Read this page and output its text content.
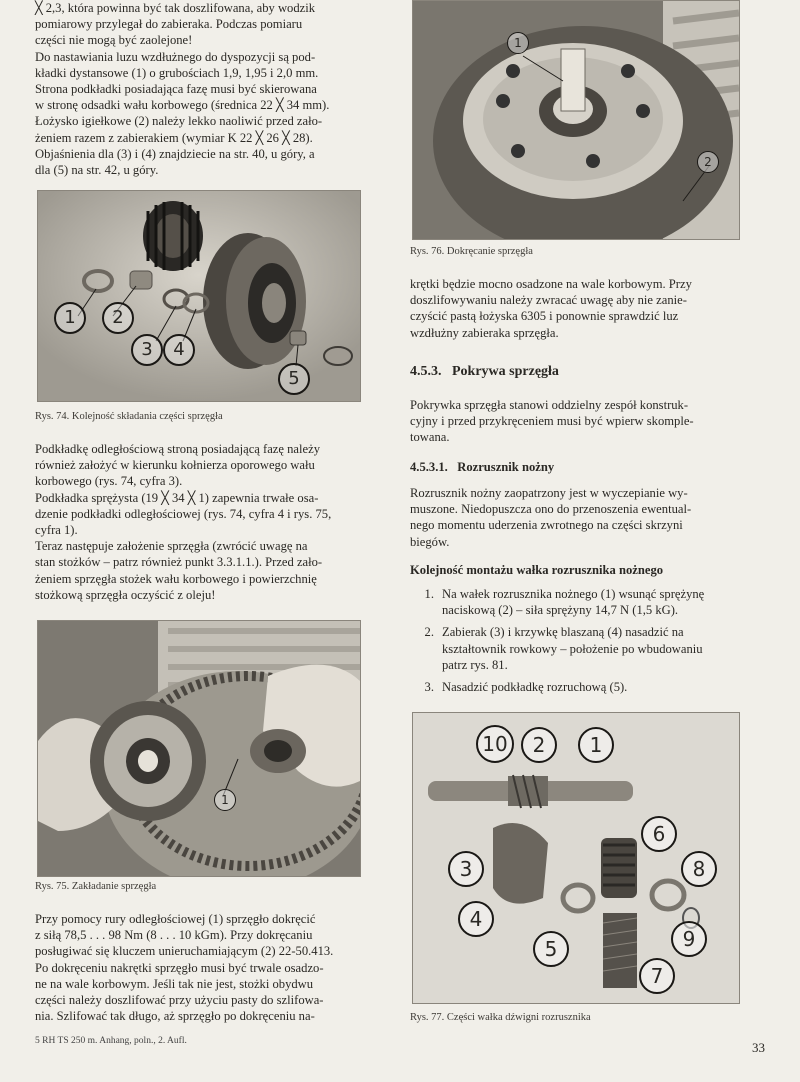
╳ 2,3, która powinna być tak doszlifowana, aby wodzik
pomiarowy przylegał do zabieraka. Podczas pomiaru
części nie mogą być zaolejone!
Do nastawiania luzu wzdłużnego do dyspozycji są pod-
kładki dystansowe (1) o grubościach 1,9, 1,95 i 2,0 mm.
Strona podkładki posiadająca fazę musi być skierowana
w stronę odsadki wału korbowego (średnica 22 ╳ 34 mm).
Łożysko igiełkowe (2) należy lekko naoliwić przed zało-
żeniem razem z zabierakiem (wymiar K 22 ╳ 26 ╳ 28).
Objaśnienia dla (3) i (4) znajdziecie na str. 40, u góry, a
dla (5) na str. 42, u góry.
1	2
3	4
5
Rys. 74. Kolejność składania części sprzęgła
Podkładkę odległościową stroną posiadającą fazę należy
również założyć w kierunku kołnierza oporowego wału
korbowego (rys. 74, cyfra 3).
Podkładka sprężysta (19 ╳ 34 ╳ 1) zapewnia trwałe osa-
dzenie podkładki odległościowej (rys. 74, cyfra 4 i rys. 75,
cyfra 1).
Teraz następuje założenie sprzęgła (zwrócić uwagę na
stan stożków – patrz również punkt 3.3.1.1.). Przed zało-
żeniem sprzęgła stożek wału korbowego i powierzchnię
stożkową sprzęgła oczyścić z oleju!
1
Rys. 75. Zakładanie sprzęgła
Przy pomocy rury odległościowej (1) sprzęgło dokręcić
z siłą 78,5 . . . 98 Nm (8 . . . 10 kGm). Przy dokręcaniu
posługiwać się kluczem unieruchamiającym (2) 22-50.413.
Po dokręceniu nakrętki sprzęgło musi być trwale osadzo-
ne na wale korbowym. Jeśli tak nie jest, stożki obydwu
części należy doszlifować przy użyciu pasty do szlifowa-
nia. Szlifować tak długo, aż sprzęgło po dokręceniu na-
1
2
Rys. 76. Dokręcanie sprzęgła
krętki będzie mocno osadzone na wale korbowym. Przy
doszlifowywaniu należy zwracać uwagę aby nie zanie-
czyścić pastą łożyska 6305 i ponownie sprawdzić luz
wzdłużny zabieraka sprzęgła.
4.5.3. Pokrywa sprzęgła
Pokrywka sprzęgła stanowi oddzielny zespół konstruk-
cyjny i przed przykręceniem musi być wpierw skomple-
towana.
4.5.3.1. Rozrusznik nożny
Rozrusznik nożny zaopatrzony jest w wyczepianie wy-
muszone. Niedopuszcza ono do przenoszenia ewentual-
nego momentu uderzenia zwrotnego na części skrzyni
biegów.
Kolejność montażu wałka rozrusznika nożnego
1. Na wałek rozrusznika nożnego (1) wsunąć sprężynę
naciskową (2) – siła sprężyny 14,7 N (1,5 kG).
2. Zabierak (3) i krzywkę blaszaną (4) nasadzić na
kształtownik rowkowy – położenie po wbudowaniu
patrz rys. 81.
3. Nasadzić podkładkę rozruchową (5).
10	2	1
3
4
5
6
7
8
9
Rys. 77. Części wałka dźwigni rozrusznika
5 RH TS 250 m. Anhang, poln., 2. Aufl.	33
